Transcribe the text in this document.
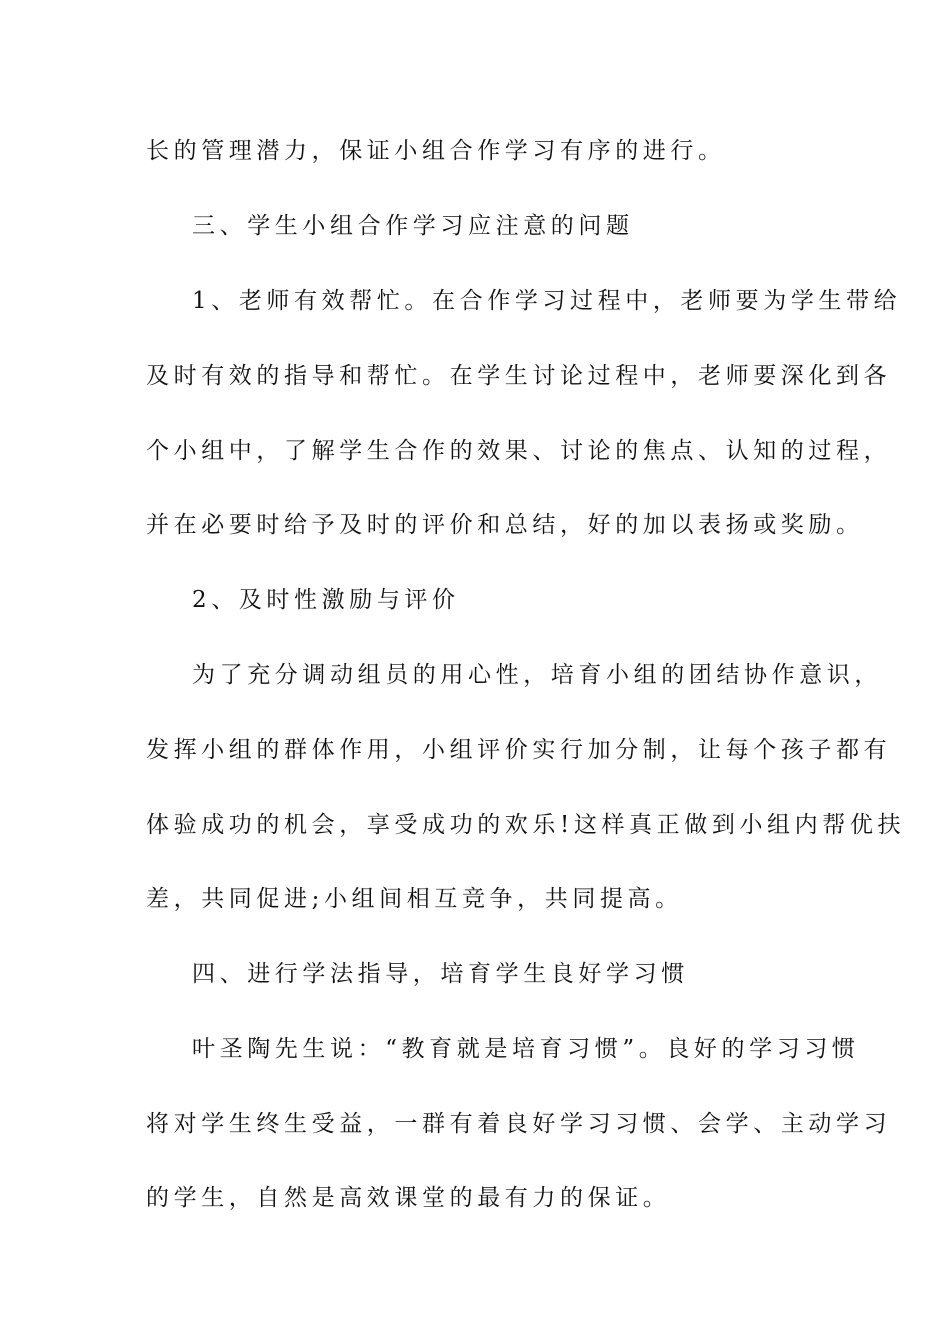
长的管理潜力，保证小组合作学习有序的进行。
三、学生小组合作学习应注意的问题
1、老师有效帮忙。在合作学习过程中，老师要为学生带给
及时有效的指导和帮忙。在学生讨论过程中，老师要深化到各
个小组中，了解学生合作的效果、讨论的焦点、认知的过程，
并在必要时给予及时的评价和总结，好的加以表扬或奖励。
2、及时性激励与评价
为了充分调动组员的用心性，培育小组的团结协作意识，
发挥小组的群体作用，小组评价实行加分制，让每个孩子都有
体验成功的机会，享受成功的欢乐!这样真正做到小组内帮优扶
差，共同促进;小组间相互竞争，共同提高。
四、进行学法指导，培育学生良好学习惯
叶圣陶先生说：“教育就是培育习惯”。良好的学习习惯
将对学生终生受益，一群有着良好学习习惯、会学、主动学习
的学生，自然是高效课堂的最有力的保证。
